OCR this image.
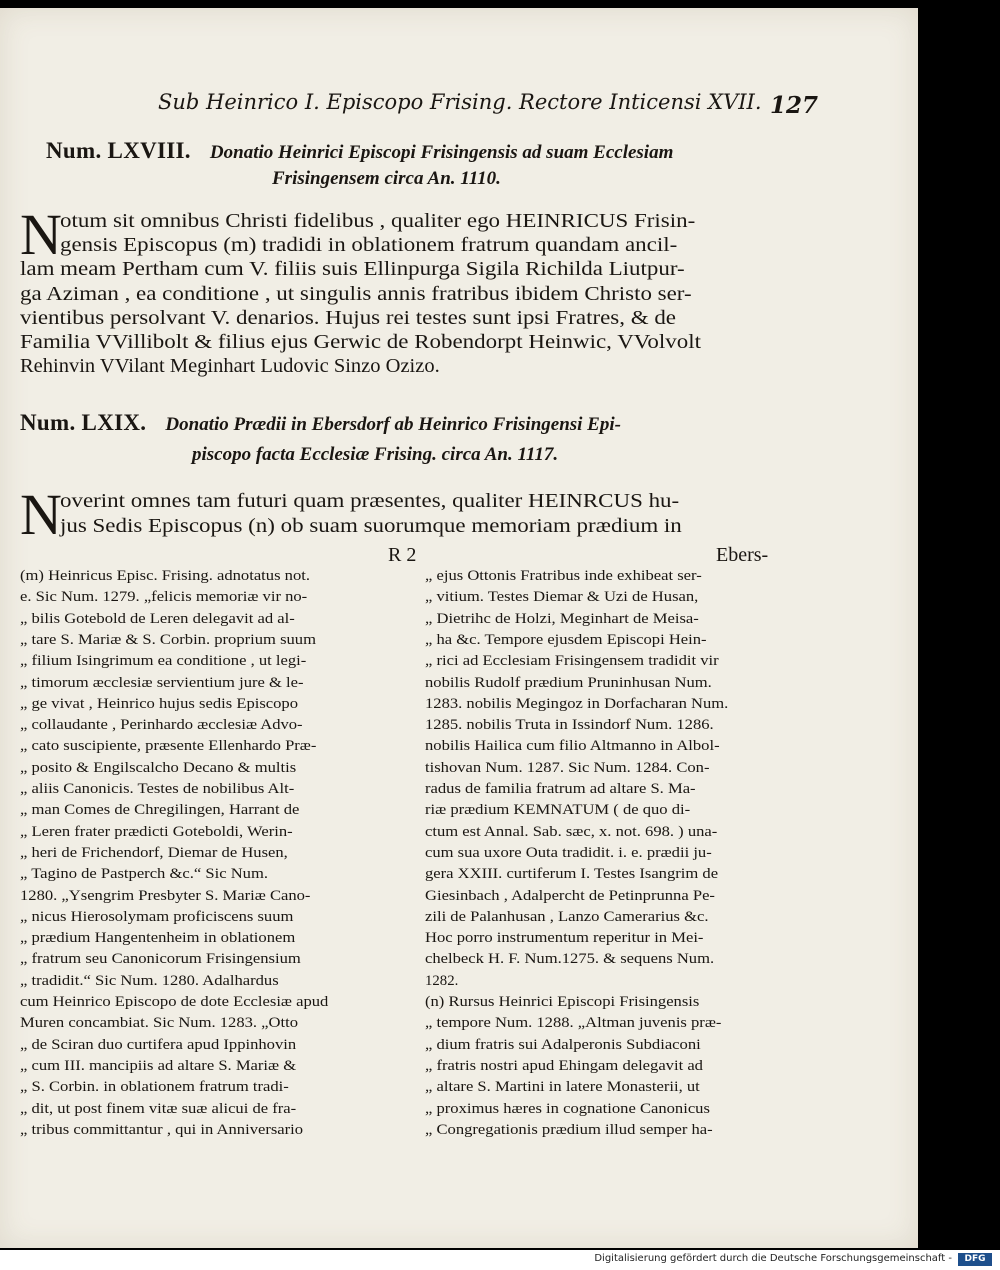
Sub Heinrico I. Episcopo Frising. Rectore Inticensi XVII. 127
Num. LXVIII. Donatio Heinrici Episcopi Frisingensis ad suam Ecclesiam
Frisingensem circa An. 1110.
N
otum sit omnibus Christi fidelibus , qualiter ego HEINRICUS Frisin-
gensis Episcopus (m) tradidi in oblationem fratrum quandam ancil-
lam meam Pertham cum V. filiis suis Ellinpurga Sigila Richilda Liutpur-
ga Aziman , ea conditione , ut singulis annis fratribus ibidem Christo ser-
vientibus persolvant V. denarios. Hujus rei testes sunt ipsi Fratres, & de
Familia VVillibolt & filius ejus Gerwic de Robendorpt Heinwic, VVolvolt
Rehinvin VVilant Meginhart Ludovic Sinzo Ozizo.
Num. LXIX. Donatio Prædii in Ebersdorf ab Heinrico Frisingensi Epi-
piscopo facta Ecclesiæ Frising. circa An. 1117.
N
overint omnes tam futuri quam præsentes, qualiter HEINRCUS hu-
jus Sedis Episcopus (n) ob suam suorumque memoriam prædium in
R 2	Ebers-
(m) Heinricus Episc. Frising. adnotatus not.
e. Sic Num. 1279. „felicis memoriæ vir no-
„ bilis Gotebold de Leren delegavit ad al-
„ tare S. Mariæ & S. Corbin. proprium suum
„ filium Isingrimum ea conditione , ut legi-
„ timorum æcclesiæ servientium jure & le-
„ ge vivat , Heinrico hujus sedis Episcopo
„ collaudante , Perinhardo æcclesiæ Advo-
„ cato suscipiente, præsente Ellenhardo Præ-
„ posito & Engilscalcho Decano & multis
„ aliis Canonicis. Testes de nobilibus Alt-
„ man Comes de Chregilingen, Harrant de
„ Leren frater prædicti Goteboldi, Werin-
„ heri de Frichendorf, Diemar de Husen,
„ Tagino de Pastperch &c.“ Sic Num.
1280. „Ysengrim Presbyter S. Mariæ Cano-
„ nicus Hierosolymam proficiscens suum
„ prædium Hangentenheim in oblationem
„ fratrum seu Canonicorum Frisingensium
„ tradidit.“ Sic Num. 1280. Adalhardus
cum Heinrico Episcopo de dote Ecclesiæ apud
Muren concambiat. Sic Num. 1283. „Otto
„ de Sciran duo curtifera apud Ippinhovin
„ cum III. mancipiis ad altare S. Mariæ &
„ S. Corbin. in oblationem fratrum tradi-
„ dit, ut post finem vitæ suæ alicui de fra-
„ tribus committantur , qui in Anniversario
„ ejus Ottonis Fratribus inde exhibeat ser-
„ vitium. Testes Diemar & Uzi de Husan,
„ Dietrihc de Holzi, Meginhart de Meisa-
„ ha &c. Tempore ejusdem Episcopi Hein-
„ rici ad Ecclesiam Frisingensem tradidit vir
nobilis Rudolf prædium Pruninhusan Num.
1283. nobilis Megingoz in Dorfacharan Num.
1285. nobilis Truta in Issindorf Num. 1286.
nobilis Hailica cum filio Altmanno in Albol-
tishovan Num. 1287. Sic Num. 1284. Con-
radus de familia fratrum ad altare S. Ma-
riæ prædium KEMNATUM ( de quo di-
ctum est Annal. Sab. sæc, x. not. 698. ) una-
cum sua uxore Outa tradidit. i. e. prædii ju-
gera XXIII. curtiferum I. Testes Isangrim de
Giesinbach , Adalpercht de Petinprunna Pe-
zili de Palanhusan , Lanzo Camerarius &c.
Hoc porro instrumentum reperitur in Mei-
chelbeck H. F. Num.1275. & sequens Num.
1282.
(n) Rursus Heinrici Episcopi Frisingensis
„ tempore Num. 1288. „Altman juvenis præ-
„ dium fratris sui Adalperonis Subdiaconi
„ fratris nostri apud Ehingam delegavit ad
„ altare S. Martini in latere Monasterii, ut
„ proximus hæres in cognatione Canonicus
„ Congregationis prædium illud semper ha-
Digitalisierung gefördert durch die Deutsche Forschungsgemeinschaft -	DFG
